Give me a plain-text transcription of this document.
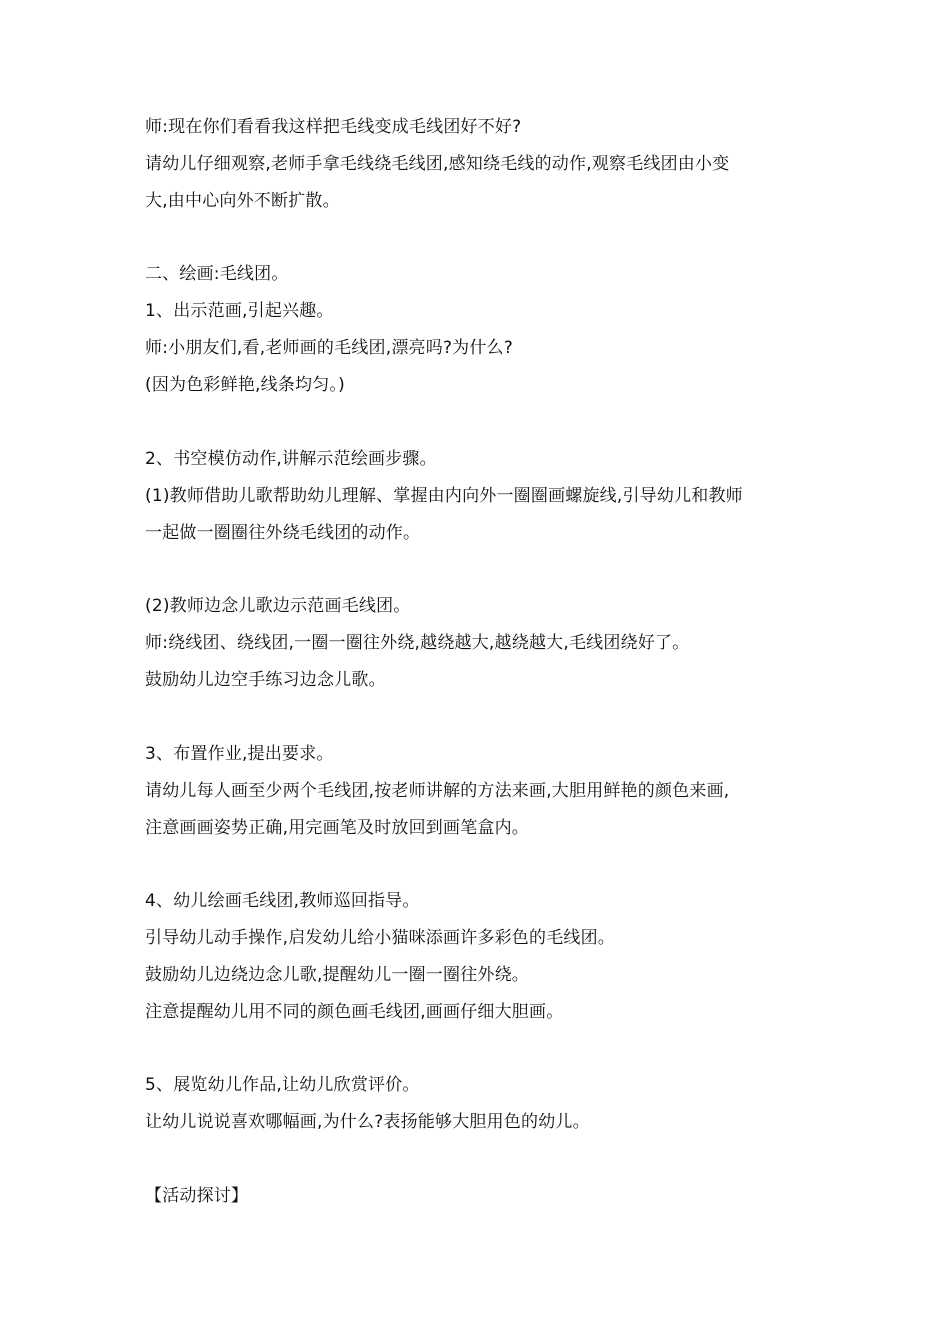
师:现在你们看看我这样把毛线变成毛线团好不好?
请幼儿仔细观察,老师手拿毛线绕毛线团,感知绕毛线的动作,观察毛线团由小变
大,由中心向外不断扩散。
二、绘画:毛线团。
1、出示范画,引起兴趣。
师:小朋友们,看,老师画的毛线团,漂亮吗?为什么?
(因为色彩鲜艳,线条均匀。)
2、书空模仿动作,讲解示范绘画步骤。
(1)教师借助儿歌帮助幼儿理解、掌握由内向外一圈圈画螺旋线,引导幼儿和教师
一起做一圈圈往外绕毛线团的动作。
(2)教师边念儿歌边示范画毛线团。
师:绕线团、绕线团,一圈一圈往外绕,越绕越大,越绕越大,毛线团绕好了。
鼓励幼儿边空手练习边念儿歌。
3、布置作业,提出要求。
请幼儿每人画至少两个毛线团,按老师讲解的方法来画,大胆用鲜艳的颜色来画,
注意画画姿势正确,用完画笔及时放回到画笔盒内。
4、幼儿绘画毛线团,教师巡回指导。
引导幼儿动手操作,启发幼儿给小猫咪添画许多彩色的毛线团。
鼓励幼儿边绕边念儿歌,提醒幼儿一圈一圈往外绕。
注意提醒幼儿用不同的颜色画毛线团,画画仔细大胆画。
5、展览幼儿作品,让幼儿欣赏评价。
让幼儿说说喜欢哪幅画,为什么?表扬能够大胆用色的幼儿。
【活动探讨】
